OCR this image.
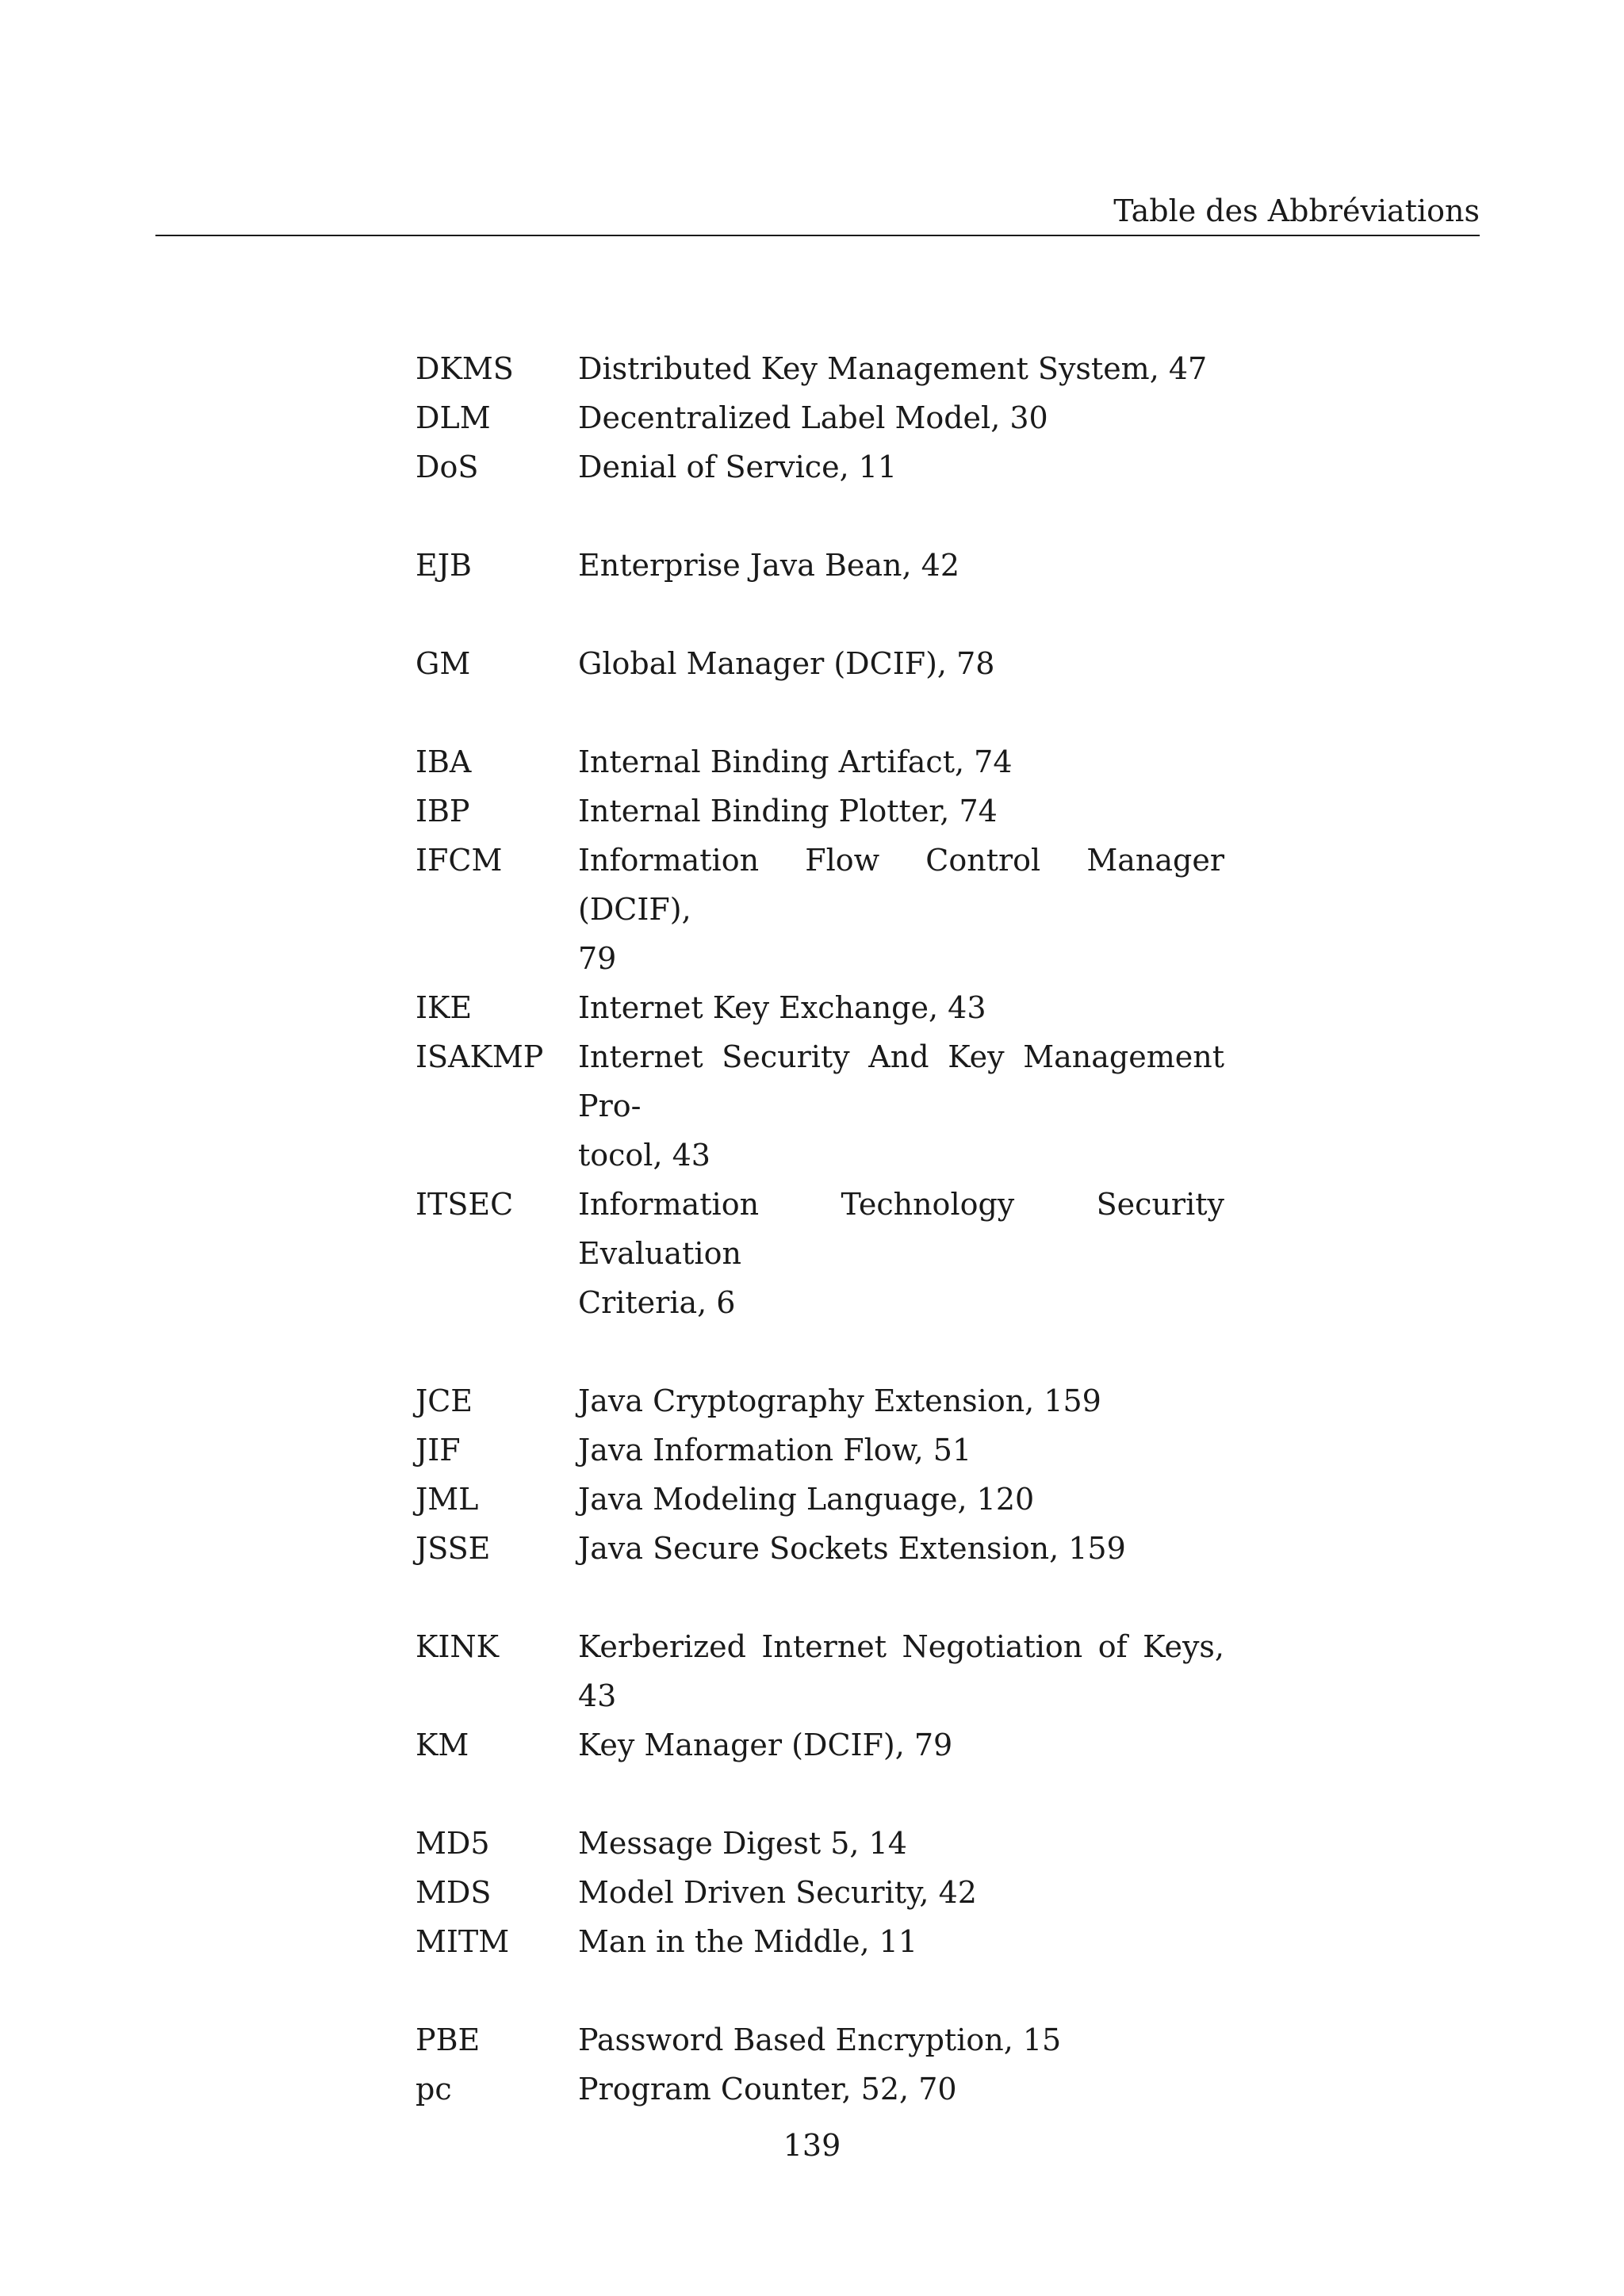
Table des Abbréviations
DKMS	Distributed Key Management System, 47
DLM	Decentralized Label Model, 30
DoS	Denial of Service, 11
EJB	Enterprise Java Bean, 42
GM	Global Manager (DCIF), 78
IBA	Internal Binding Artifact, 74
IBP	Internal Binding Plotter, 74
IFCM	Information Flow Control Manager (DCIF),
79
IKE	Internet Key Exchange, 43
ISAKMP	Internet Security And Key Management Pro-
tocol, 43
ITSEC	Information Technology Security Evaluation
Criteria, 6
JCE	Java Cryptography Extension, 159
JIF	Java Information Flow, 51
JML	Java Modeling Language, 120
JSSE	Java Secure Sockets Extension, 159
KINK	Kerberized Internet Negotiation of Keys, 43
KM	Key Manager (DCIF), 79
MD5	Message Digest 5, 14
MDS	Model Driven Security, 42
MITM	Man in the Middle, 11
PBE	Password Based Encryption, 15
pc	Program Counter, 52, 70
139
